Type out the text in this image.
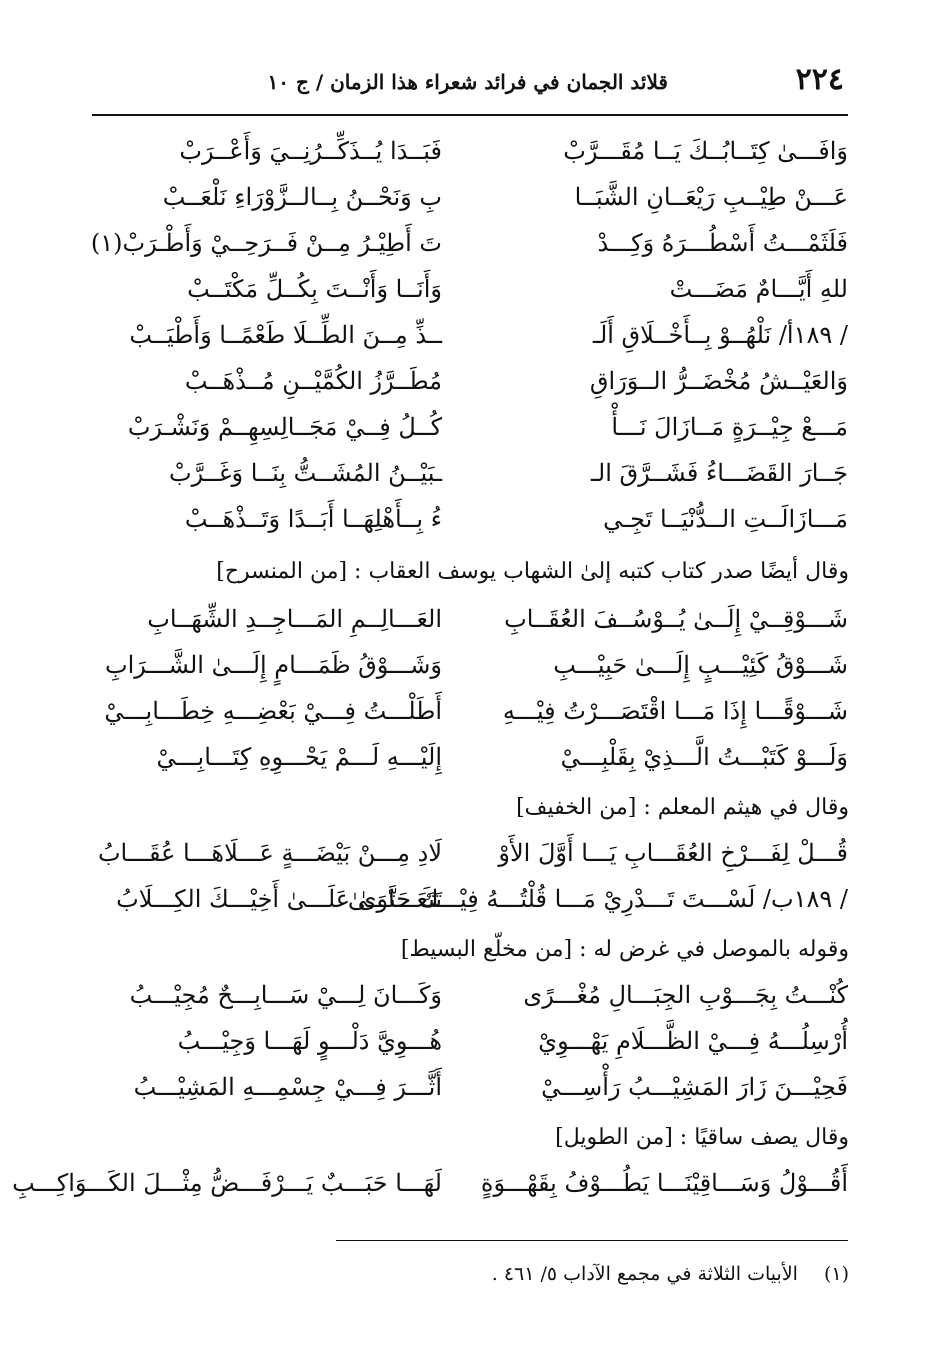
٢٢٤
قلائد الجمان في فرائد شعراء هذا الزمان / ج ١٠
وَافَـــىٰ كِتَــابُــكَ يَــا مُقَـــرَّبْ
فَبَــدَا يُــذَكِّــرُنِــيَ وَأَعْــرَبْ
عَـــنْ طِيْــبِ رَيْعَــانِ الشَّبَــا
بِ وَنَحْــنُ بِــالــزَّوْرَاءِ نَلْعَــبْ
فَلَثَمْـــتُ أَسْطُـــرَهُ وَكِـــدْ
تَ أَطِيْـرُ مِــنْ فَــرَحِــيْ وَأَطْـرَبْ(١)
للهِ أَيَّـــامٌ مَضَـــتْ
وَأَنَــا وَأَنْــتَ بِكُــلِّ مَكْتَــبْ
/ ١٨٩أ/ نَلْهُــوْ بِــأَخْــلَاقِ أَلَـ
ــذِّ مِــنَ الطِّــلَا طَعْمًــا وَأَطْيَــبْ
وَالعَيْــشُ مُخْضَــرُّ الــوَرَاقِ
مُطَــرَّزُ الكُمَّيْــنِ مُــذْهَــبْ
مَـــعْ جِيْــرَةٍ مَــازَالَ نَـــأْ
كُــلُ فِــيْ مَجَــالِسِهِــمْ وَنَشْـرَبْ
جَــارَ القَضَـــاءُ فَشَــرَّقَ الـ
ـبَيْــنُ المُشَــتُّ بِنَــا وَغَــرَّبْ
مَـــازَالَــتِ الــدُّنْيَــا تَجِـي
ءُ بِــأَهْلِهَــا أَبَــدًا وَتَــذْهَــبْ
وقال أيضًا صدر كتاب كتبه إلىٰ الشهاب يوسف العقاب : [من المنسرح]
شَـــوْقِــيْ إِلَــىٰ يُــوْسُــفَ العُقَــابِ
العَـــالِــمِ المَـــاجِــدِ الشِّهَــابِ
شَـــوْقُ كَئِيْـــبٍ إِلَـــىٰ حَبِيْـــبِ
وَشَـــوْقُ ظَمَـــامٍ إِلَـــىٰ الشَّـــرَابِ
شَـــوْقًـــا إِذَا مَـــا اقْتَصَـــرْتُ فِيْـــهِ
أَطَلْـــتُ فِـــيْ بَعْضِـــهِ خِطَـــابِـــيْ
وَلَـــوْ كَتَبْـــتُ الَّـــذِيْ بِقَلْبِـــيْ
إِلَيْـــهِ لَـــمْ يَحْـــوِهِ كِتَـــابِـــيْ
وقال في هيثم المعلم : [من الخفيف]
قُـــلْ لِفَـــرْخِ العُقَـــابِ يَـــا أَوَّلَ الأَوْ
لَادِ مِـــنْ بَيْضَـــةٍ عَـــلَاهَـــا عُقَـــابُ
/ ١٨٩ب/ لَسْـــتَ تَـــدْرِيْ مَـــا قُلْتُـــهُ فِيْـــكَ حَتَّـــىٰ
تَتَعَـــاوَىٰ عَلَـــىٰ أَخِيْـــكَ الكِـــلَابُ
وقوله بالموصل في غرض له : [من مخلّع البسيط]
كُنْـــتُ بِجَـــوْبِ الجِبَـــالِ مُغْـــرًى
وَكَـــانَ لِـــيْ سَـــابِـــحٌ مُجِيْـــبُ
أُرْسِلُـــهُ فِـــيْ الظَّـــلَامِ يَهْـــوِيْ
هُـــوِيَّ دَلْـــوٍ لَهَـــا وَجِيْـــبُ
فَحِيْـــنَ زَارَ المَشِيْـــبُ رَأْسِـــيْ
أَثَّـــرَ فِـــيْ جِسْمِـــهِ المَشِيْـــبُ
وقال يصف ساقيًا : [من الطويل]
أَقُـــوْلُ وَسَـــاقِيْنَـــا يَطُـــوْفُ بِقَهْـــوَةٍ
لَهَـــا حَبَـــبٌ يَـــرْفَـــضُّ مِثْـــلَ الكَـــوَاكِـــبِ
(١)الأبيات الثلاثة في مجمع الآداب ٥/ ٤٦١ .
